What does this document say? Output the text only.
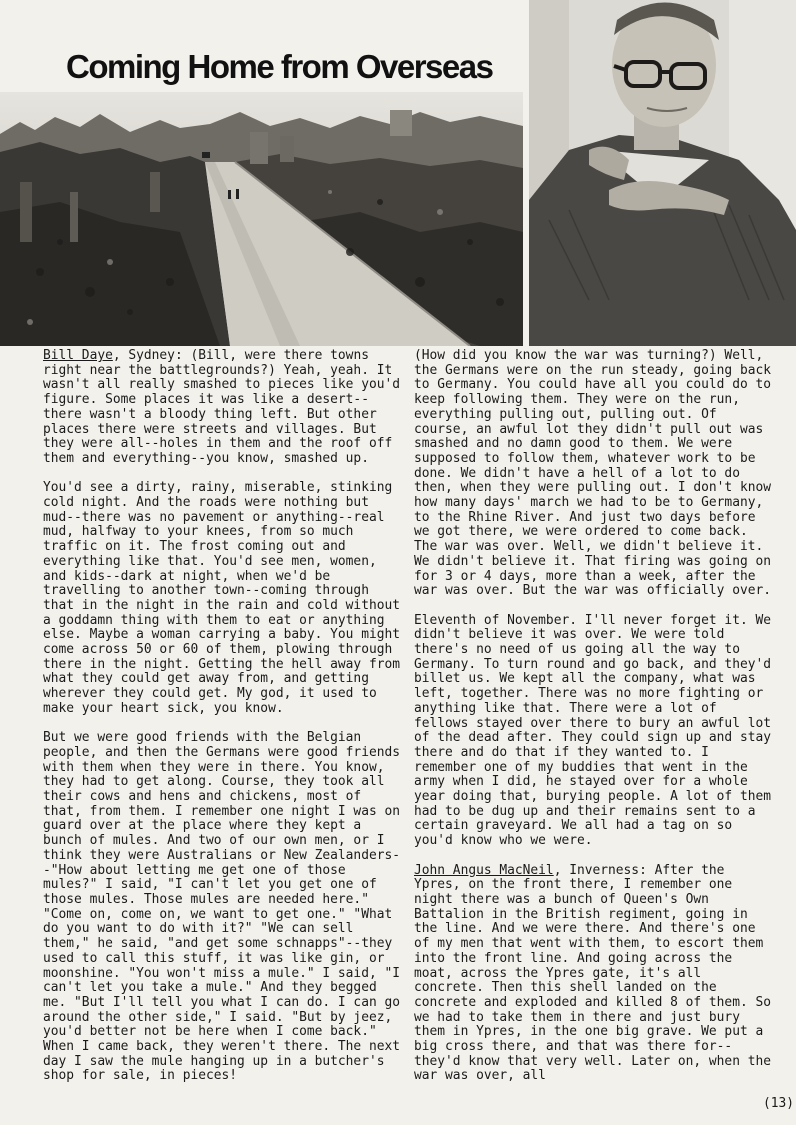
Coming Home from Overseas

Bill Daye, Sydney: (Bill, were there towns right near the battlegrounds?) Yeah, yeah. It wasn't all really smashed to pieces like you'd figure. Some places it was like a desert--there wasn't a bloody thing left. But other places there were streets and villages. But they were all--holes in them and the roof off them and everything--you know, smashed up.

You'd see a dirty, rainy, miserable, stinking cold night. And the roads were nothing but mud--there was no pavement or anything--real mud, halfway to your knees, from so much traffic on it. The frost coming out and everything like that. You'd see men, women, and kids--dark at night, when we'd be travelling to another town--coming through that in the night in the rain and cold without a goddamn thing with them to eat or anything else. Maybe a woman carrying a baby. You might come across 50 or 60 of them, plowing through there in the night. Getting the hell away from what they could get away from, and getting wherever they could get. My god, it used to make your heart sick, you know.

But we were good friends with the Belgian people, and then the Germans were good friends with them when they were in there. You know, they had to get along. Course, they took all their cows and hens and chickens, most of that, from them. I remember one night I was on guard over at the place where they kept a bunch of mules. And two of our own men, or I think they were Australians or New Zealanders--"How about letting me get one of those mules?" I said, "I can't let you get one of those mules. Those mules are needed here." "Come on, come on, we want to get one." "What do you want to do with it?" "We can sell them," he said, "and get some schnapps"--they used to call this stuff, it was like gin, or moonshine. "You won't miss a mule." I said, "I can't let you take a mule." And they begged me. "But I'll tell you what I can do. I can go around the other side," I said. "But by jeez, you'd better not be here when I come back." When I came back, they weren't there. The next day I saw the mule hanging up in a butcher's shop for sale, in pieces!

(How did you know the war was turning?) Well, the Germans were on the run steady, going back to Germany. You could have all you could do to keep following them. They were on the run, everything pulling out, pulling out. Of course, an awful lot they didn't pull out was smashed and no damn good to them. We were supposed to follow them, whatever work to be done. We didn't have a hell of a lot to do then, when they were pulling out. I don't know how many days' march we had to be to Germany, to the Rhine River. And just two days before we got there, we were ordered to come back. The war was over. Well, we didn't believe it. We didn't believe it. That firing was going on for 3 or 4 days, more than a week, after the war was over. But the war was officially over.

Eleventh of November. I'll never forget it. We didn't believe it was over. We were told there's no need of us going all the way to Germany. To turn round and go back, and they'd billet us. We kept all the company, what was left, together. There was no more fighting or anything like that. There were a lot of fellows stayed over there to bury an awful lot of the dead after. They could sign up and stay there and do that if they wanted to. I remember one of my buddies that went in the army when I did, he stayed over for a whole year doing that, burying people. A lot of them had to be dug up and their remains sent to a certain graveyard. We all had a tag on so you'd know who we were.

John Angus MacNeil, Inverness: After the Ypres, on the front there, I remember one night there was a bunch of Queen's Own Battalion in the British regiment, going in the line. And we were there. And there's one of my men that went with them, to escort them into the front line. And going across the moat, across the Ypres gate, it's all concrete. Then this shell landed on the concrete and exploded and killed 8 of them. So we had to take them in there and just bury them in Ypres, in the one big grave. We put a big cross there, and that was there for--they'd know that very well. Later on, when the war was over, all

(13)
